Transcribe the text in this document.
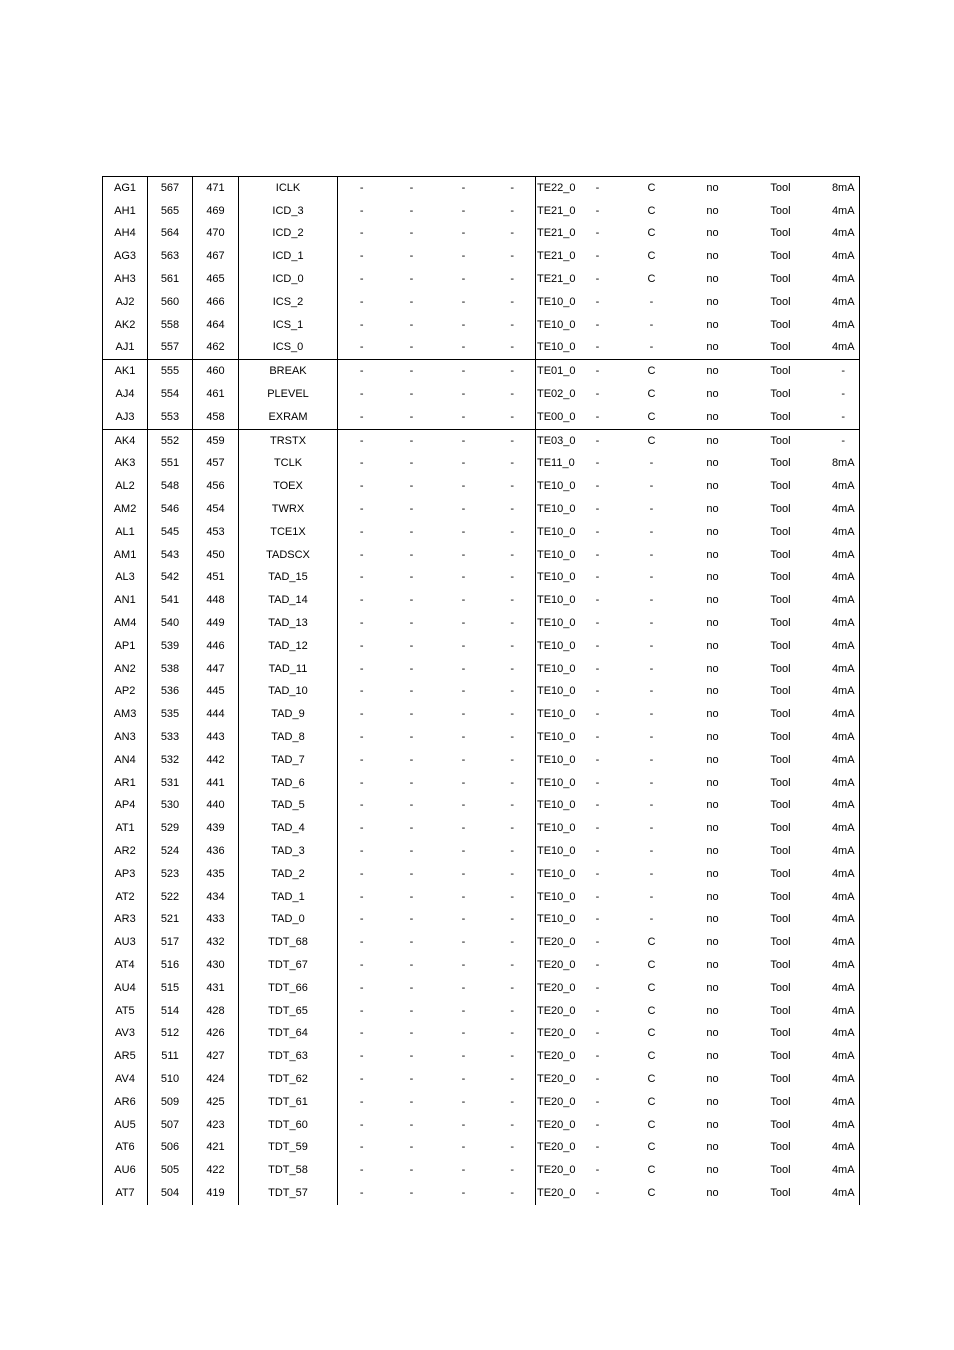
AG1	567	471	ICLK	-	-	-	-	TE22_0	-	C	no	Tool	8mA
AH1	565	469	ICD_3	-	-	-	-	TE21_0	-	C	no	Tool	4mA
AH4	564	470	ICD_2	-	-	-	-	TE21_0	-	C	no	Tool	4mA
AG3	563	467	ICD_1	-	-	-	-	TE21_0	-	C	no	Tool	4mA
AH3	561	465	ICD_0	-	-	-	-	TE21_0	-	C	no	Tool	4mA
AJ2	560	466	ICS_2	-	-	-	-	TE10_0	-	-	no	Tool	4mA
AK2	558	464	ICS_1	-	-	-	-	TE10_0	-	-	no	Tool	4mA
AJ1	557	462	ICS_0	-	-	-	-	TE10_0	-	-	no	Tool	4mA
AK1	555	460	BREAK	-	-	-	-	TE01_0	-	C	no	Tool	-
AJ4	554	461	PLEVEL	-	-	-	-	TE02_0	-	C	no	Tool	-
AJ3	553	458	EXRAM	-	-	-	-	TE00_0	-	C	no	Tool	-
AK4	552	459	TRSTX	-	-	-	-	TE03_0	-	C	no	Tool	-
AK3	551	457	TCLK	-	-	-	-	TE11_0	-	-	no	Tool	8mA
AL2	548	456	TOEX	-	-	-	-	TE10_0	-	-	no	Tool	4mA
AM2	546	454	TWRX	-	-	-	-	TE10_0	-	-	no	Tool	4mA
AL1	545	453	TCE1X	-	-	-	-	TE10_0	-	-	no	Tool	4mA
AM1	543	450	TADSCX	-	-	-	-	TE10_0	-	-	no	Tool	4mA
AL3	542	451	TAD_15	-	-	-	-	TE10_0	-	-	no	Tool	4mA
AN1	541	448	TAD_14	-	-	-	-	TE10_0	-	-	no	Tool	4mA
AM4	540	449	TAD_13	-	-	-	-	TE10_0	-	-	no	Tool	4mA
AP1	539	446	TAD_12	-	-	-	-	TE10_0	-	-	no	Tool	4mA
AN2	538	447	TAD_11	-	-	-	-	TE10_0	-	-	no	Tool	4mA
AP2	536	445	TAD_10	-	-	-	-	TE10_0	-	-	no	Tool	4mA
AM3	535	444	TAD_9	-	-	-	-	TE10_0	-	-	no	Tool	4mA
AN3	533	443	TAD_8	-	-	-	-	TE10_0	-	-	no	Tool	4mA
AN4	532	442	TAD_7	-	-	-	-	TE10_0	-	-	no	Tool	4mA
AR1	531	441	TAD_6	-	-	-	-	TE10_0	-	-	no	Tool	4mA
AP4	530	440	TAD_5	-	-	-	-	TE10_0	-	-	no	Tool	4mA
AT1	529	439	TAD_4	-	-	-	-	TE10_0	-	-	no	Tool	4mA
AR2	524	436	TAD_3	-	-	-	-	TE10_0	-	-	no	Tool	4mA
AP3	523	435	TAD_2	-	-	-	-	TE10_0	-	-	no	Tool	4mA
AT2	522	434	TAD_1	-	-	-	-	TE10_0	-	-	no	Tool	4mA
AR3	521	433	TAD_0	-	-	-	-	TE10_0	-	-	no	Tool	4mA
AU3	517	432	TDT_68	-	-	-	-	TE20_0	-	C	no	Tool	4mA
AT4	516	430	TDT_67	-	-	-	-	TE20_0	-	C	no	Tool	4mA
AU4	515	431	TDT_66	-	-	-	-	TE20_0	-	C	no	Tool	4mA
AT5	514	428	TDT_65	-	-	-	-	TE20_0	-	C	no	Tool	4mA
AV3	512	426	TDT_64	-	-	-	-	TE20_0	-	C	no	Tool	4mA
AR5	511	427	TDT_63	-	-	-	-	TE20_0	-	C	no	Tool	4mA
AV4	510	424	TDT_62	-	-	-	-	TE20_0	-	C	no	Tool	4mA
AR6	509	425	TDT_61	-	-	-	-	TE20_0	-	C	no	Tool	4mA
AU5	507	423	TDT_60	-	-	-	-	TE20_0	-	C	no	Tool	4mA
AT6	506	421	TDT_59	-	-	-	-	TE20_0	-	C	no	Tool	4mA
AU6	505	422	TDT_58	-	-	-	-	TE20_0	-	C	no	Tool	4mA
AT7	504	419	TDT_57	-	-	-	-	TE20_0	-	C	no	Tool	4mA
